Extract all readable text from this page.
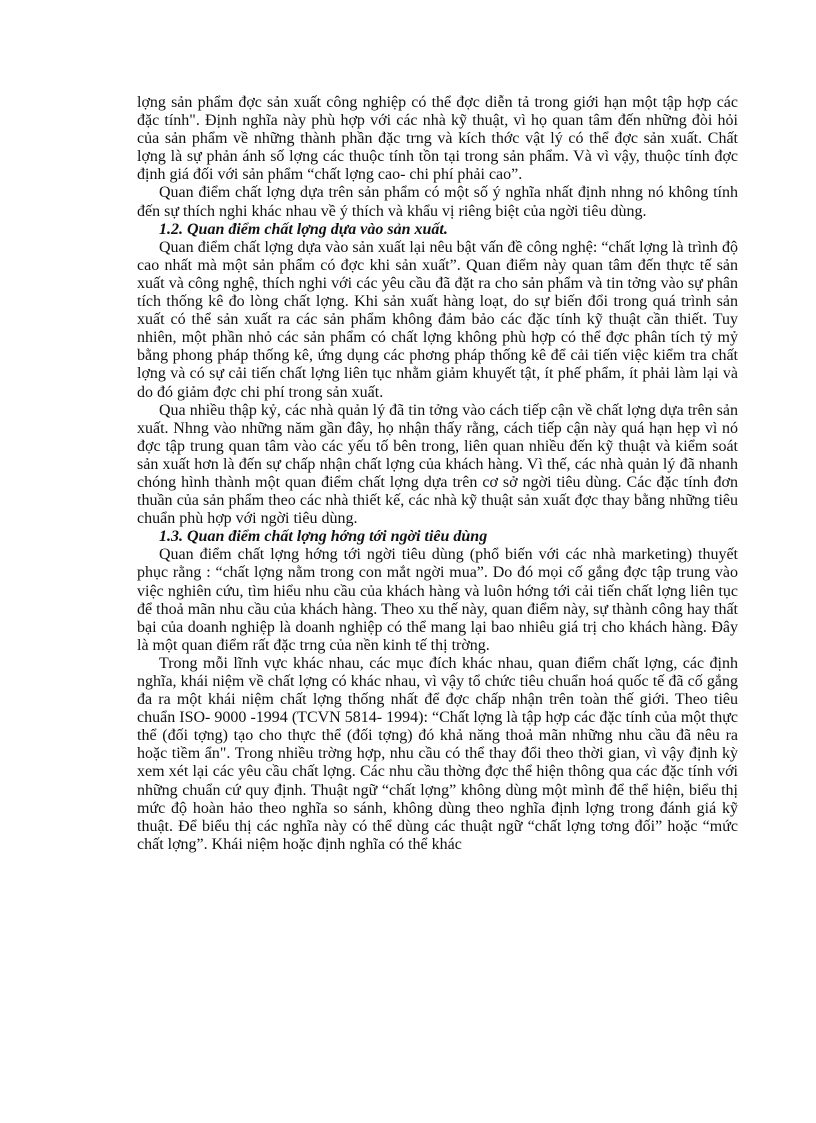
lợng sản phẩm đợc sản xuất công nghiệp có thể đợc diễn tả trong giới hạn một tập hợp các đặc tính". Định nghĩa này phù hợp với các nhà kỹ thuật, vì họ quan tâm đến những đòi hỏi của sản phẩm về những thành phần đặc trng và kích thớc vật lý có thể đợc sản xuất. Chất lợng là sự phản ánh số lợng các thuộc tính tồn tại trong sản phẩm. Và vì vậy, thuộc tính đợc định giá đối với sản phẩm “chất lợng cao- chi phí phải cao”.

Quan điểm chất lợng dựa trên sản phẩm có một số ý nghĩa nhất định nhng nó không tính đến sự thích nghi khác nhau về ý thích và khẩu vị riêng biệt của ngời tiêu dùng.

1.2. Quan điểm chất lợng dựa vào sản xuất.

Quan điểm chất lợng dựa vào sản xuất lại nêu bật vấn đề công nghệ: “chất lợng là trình độ cao nhất mà một sản phẩm có đợc khi sản xuất”. Quan điểm này quan tâm đến thực tế sản xuất và công nghệ, thích nghi với các yêu cầu đã đặt ra cho sản phẩm và tin tởng vào sự phân tích thống kê đo lòng chất lợng. Khi sản xuất hàng loạt, do sự biến đổi trong quá trình sản xuất có thể sản xuất ra các sản phẩm không đảm bảo các đặc tính kỹ thuật cần thiết. Tuy nhiên, một phần nhỏ các sản phẩm có chất lợng không phù hợp có thể đợc phân tích tỷ mỷ bằng phong pháp thống kê, ứng dụng các phơng pháp thống kê để cải tiến việc kiểm tra chất lợng và có sự cải tiến chất lợng liên tục nhằm giảm khuyết tật, ít phế phẩm, ít phải làm lại và do đó giảm đợc chi phí trong sản xuất.

Qua nhiều thập kỷ, các nhà quản lý đã tin tởng vào cách tiếp cận về chất lợng dựa trên sản xuất. Nhng vào những năm gần đây, họ nhận thấy rằng, cách tiếp cận này quá hạn hẹp vì nó đợc tập trung quan tâm vào các yếu tố bên trong, liên quan nhiều đến kỹ thuật và kiểm soát sản xuất hơn là đến sự chấp nhận chất lợng của khách hàng. Vì thế, các nhà quản lý đã nhanh chóng hình thành một quan điểm chất lợng dựa trên cơ sở ngời tiêu dùng. Các đặc tính đơn thuần của sản phẩm theo các nhà thiết kế, các nhà kỹ thuật sản xuất đợc thay bằng những tiêu chuẩn phù hợp với ngời tiêu dùng.

1.3. Quan điểm chất lợng hớng tới ngời tiêu dùng

Quan điểm chất lợng hớng tới ngời tiêu dùng (phổ biến với các nhà marketing) thuyết phục rằng : “chất lợng nằm trong con mắt ngời mua”. Do đó mọi cố gắng đợc tập trung vào việc nghiên cứu, tìm hiểu nhu cầu của khách hàng và luôn hớng tới cải tiến chất lợng liên tục để thoả mãn nhu cầu của khách hàng. Theo xu thế này, quan điểm này, sự thành công hay thất bại của doanh nghiệp là doanh nghiệp có thể mang lại bao nhiêu giá trị cho khách hàng. Đây là một quan điểm rất đặc trng của nền kinh tế thị trờng.

Trong mỗi lĩnh vực khác nhau, các mục đích khác nhau, quan điểm chất lợng, các định nghĩa, khái niệm về chất lợng có khác nhau, vì vậy tổ chức tiêu chuẩn hoá quốc tế đã cố gắng đa ra một khái niệm chất lợng thống nhất để đợc chấp nhận trên toàn thế giới. Theo tiêu chuẩn ISO- 9000 -1994 (TCVN 5814- 1994): “Chất lợng là tập hợp các đặc tính của một thực thể (đối tợng) tạo cho thực thể (đối tợng) đó khả năng thoả mãn những nhu cầu đã nêu ra hoặc tiềm ẩn". Trong nhiều trờng hợp, nhu cầu có thể thay đổi theo thời gian, vì vậy định kỳ xem xét lại các yêu cầu chất lợng. Các nhu cầu thờng đợc thể hiện thông qua các đặc tính với những chuẩn cứ quy định. Thuật ngữ “chất lợng” không dùng một mình để thể hiện, biểu thị mức độ hoàn hảo theo nghĩa so sánh, không dùng theo nghĩa định lợng trong đánh giá kỹ thuật. Để biểu thị các nghĩa này có thể dùng các thuật ngữ “chất lợng tơng đối” hoặc “mức chất lợng”. Khái niệm hoặc định nghĩa có thể khác
